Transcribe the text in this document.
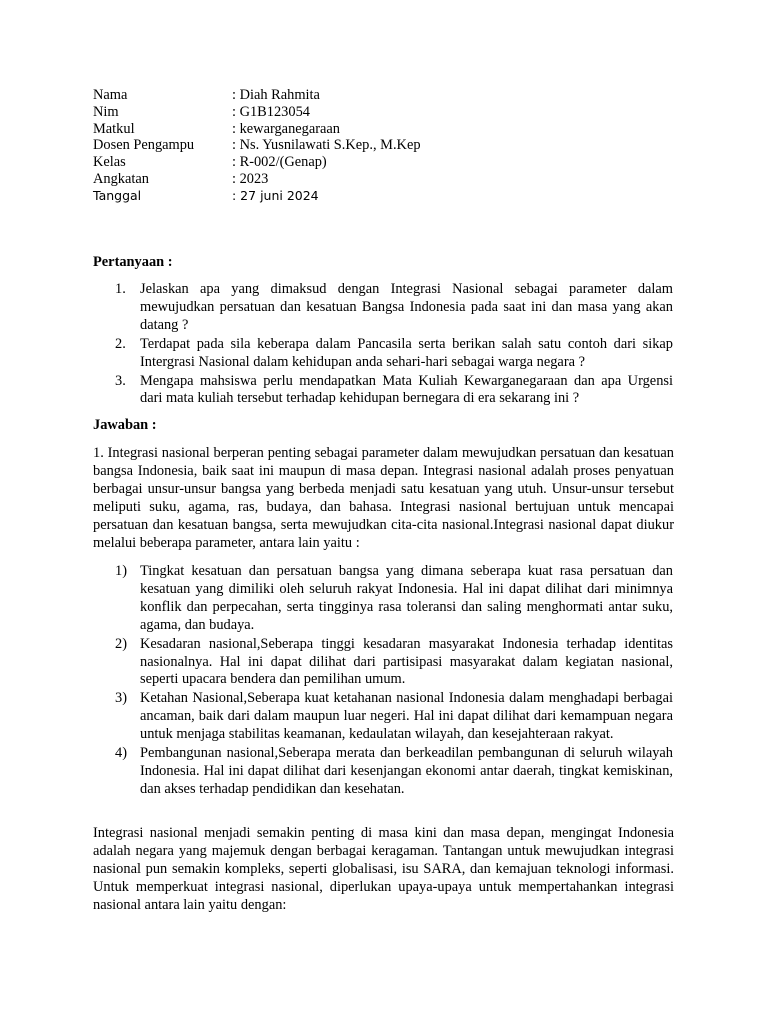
Nama	: Diah Rahmita
Nim	: G1B123054
Matkul	: kewarganegaraan
Dosen Pengampu	: Ns. Yusnilawati S.Kep., M.Kep
Kelas	: R-002/(Genap)
Angkatan	: 2023
Tanggal	: 27 juni 2024
Pertanyaan :
1. Jelaskan apa yang dimaksud dengan Integrasi Nasional sebagai parameter dalam mewujudkan persatuan dan kesatuan Bangsa Indonesia pada saat ini dan masa yang akan datang ?
2. Terdapat pada sila keberapa dalam Pancasila serta berikan salah satu contoh dari sikap Intergrasi Nasional dalam kehidupan anda sehari-hari sebagai warga negara ?
3. Mengapa mahsiswa perlu mendapatkan Mata Kuliah Kewarganegaraan dan apa Urgensi dari mata kuliah tersebut terhadap kehidupan bernegara di era sekarang ini ?
Jawaban :

1. Integrasi nasional berperan penting sebagai parameter dalam mewujudkan persatuan dan kesatuan bangsa Indonesia, baik saat ini maupun di masa depan. Integrasi nasional adalah proses penyatuan berbagai unsur-unsur bangsa yang berbeda menjadi satu kesatuan yang utuh. Unsur-unsur tersebut meliputi suku, agama, ras, budaya, dan bahasa. Integrasi nasional bertujuan untuk mencapai persatuan dan kesatuan bangsa, serta mewujudkan cita-cita nasional.Integrasi nasional dapat diukur melalui beberapa parameter, antara lain yaitu :

1) Tingkat kesatuan dan persatuan bangsa yang dimana seberapa kuat rasa persatuan dan kesatuan yang dimiliki oleh seluruh rakyat Indonesia. Hal ini dapat dilihat dari minimnya konflik dan perpecahan, serta tingginya rasa toleransi dan saling menghormati antar suku, agama, dan budaya.
2) Kesadaran nasional,Seberapa tinggi kesadaran masyarakat Indonesia terhadap identitas nasionalnya. Hal ini dapat dilihat dari partisipasi masyarakat dalam kegiatan nasional, seperti upacara bendera dan pemilihan umum.
3) Ketahan Nasional,Seberapa kuat ketahanan nasional Indonesia dalam menghadapi berbagai ancaman, baik dari dalam maupun luar negeri. Hal ini dapat dilihat dari kemampuan negara untuk menjaga stabilitas keamanan, kedaulatan wilayah, dan kesejahteraan rakyat.
4) Pembangunan nasional,Seberapa merata dan berkeadilan pembangunan di seluruh wilayah Indonesia. Hal ini dapat dilihat dari kesenjangan ekonomi antar daerah, tingkat kemiskinan, dan akses terhadap pendidikan dan kesehatan.

Integrasi nasional menjadi semakin penting di masa kini dan masa depan, mengingat Indonesia adalah negara yang majemuk dengan berbagai keragaman. Tantangan untuk mewujudkan integrasi nasional pun semakin kompleks, seperti globalisasi, isu SARA, dan kemajuan teknologi informasi. Untuk memperkuat integrasi nasional, diperlukan upaya-upaya untuk mempertahankan integrasi nasional antara lain yaitu dengan:
